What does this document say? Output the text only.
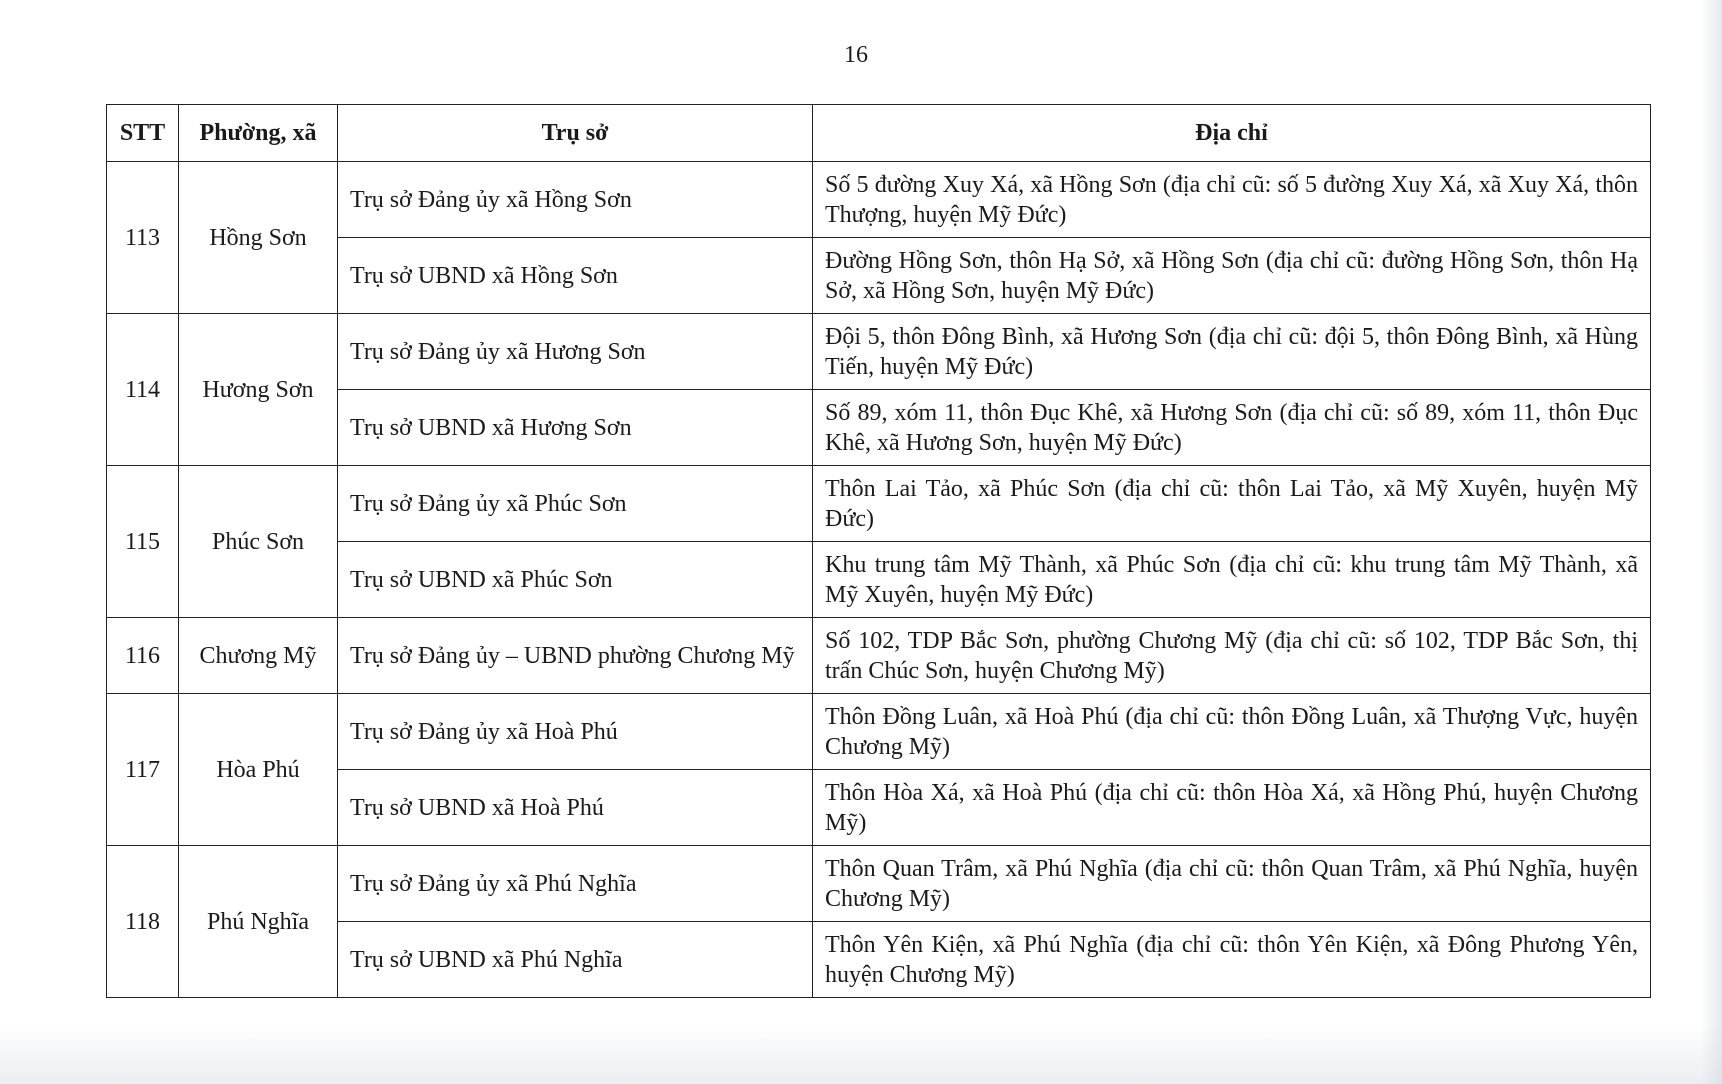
16
STT	Phường, xã	Trụ sở	Địa chỉ
113	Hồng Sơn	Trụ sở Đảng ủy xã Hồng Sơn	Số 5 đường Xuy Xá, xã Hồng Sơn (địa chỉ cũ: số 5 đường Xuy Xá, xã Xuy Xá, thôn Thượng, huyện Mỹ Đức)
		Trụ sở UBND xã Hồng Sơn	Đường Hồng Sơn, thôn Hạ Sở, xã Hồng Sơn (địa chỉ cũ: đường Hồng Sơn, thôn Hạ Sở, xã Hồng Sơn, huyện Mỹ Đức)
114	Hương Sơn	Trụ sở Đảng ủy xã Hương Sơn	Đội 5, thôn Đông Bình, xã Hương Sơn (địa chỉ cũ: đội 5, thôn Đông Bình, xã Hùng Tiến, huyện Mỹ Đức)
		Trụ sở UBND xã Hương Sơn	Số 89, xóm 11, thôn Đục Khê, xã Hương Sơn (địa chỉ cũ: số 89, xóm 11, thôn Đục Khê, xã Hương Sơn, huyện Mỹ Đức)
115	Phúc Sơn	Trụ sở Đảng ủy xã Phúc Sơn	Thôn Lai Tảo, xã Phúc Sơn (địa chỉ cũ: thôn Lai Tảo, xã Mỹ Xuyên, huyện Mỹ Đức)
		Trụ sở UBND xã Phúc Sơn	Khu trung tâm Mỹ Thành, xã Phúc Sơn (địa chỉ cũ: khu trung tâm Mỹ Thành, xã Mỹ Xuyên, huyện Mỹ Đức)
116	Chương Mỹ	Trụ sở Đảng ủy – UBND phường Chương Mỹ	Số 102, TDP Bắc Sơn, phường Chương Mỹ (địa chỉ cũ: số 102, TDP Bắc Sơn, thị trấn Chúc Sơn, huyện Chương Mỹ)
117	Hòa Phú	Trụ sở Đảng ủy xã Hoà Phú	Thôn Đồng Luân, xã Hoà Phú (địa chỉ cũ: thôn Đồng Luân, xã Thượng Vực, huyện Chương Mỹ)
		Trụ sở UBND xã Hoà Phú	Thôn Hòa Xá, xã Hoà Phú (địa chỉ cũ: thôn Hòa Xá, xã Hồng Phú, huyện Chương Mỹ)
118	Phú Nghĩa	Trụ sở Đảng ủy xã Phú Nghĩa	Thôn Quan Trâm, xã Phú Nghĩa (địa chỉ cũ: thôn Quan Trâm, xã Phú Nghĩa, huyện Chương Mỹ)
		Trụ sở UBND xã Phú Nghĩa	Thôn Yên Kiện, xã Phú Nghĩa (địa chỉ cũ: thôn Yên Kiện, xã Đông Phương Yên, huyện Chương Mỹ)
